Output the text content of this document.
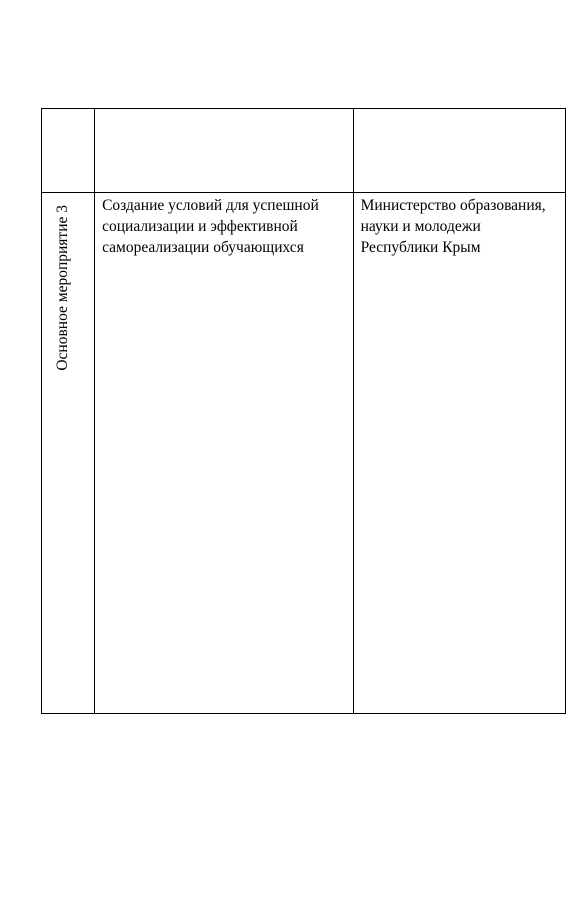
Основное мероприятие 3	Создание условий для успешной социализации и эффективной самореализации обучающихся	Министерство образования, науки и молодежи Республики Крым
